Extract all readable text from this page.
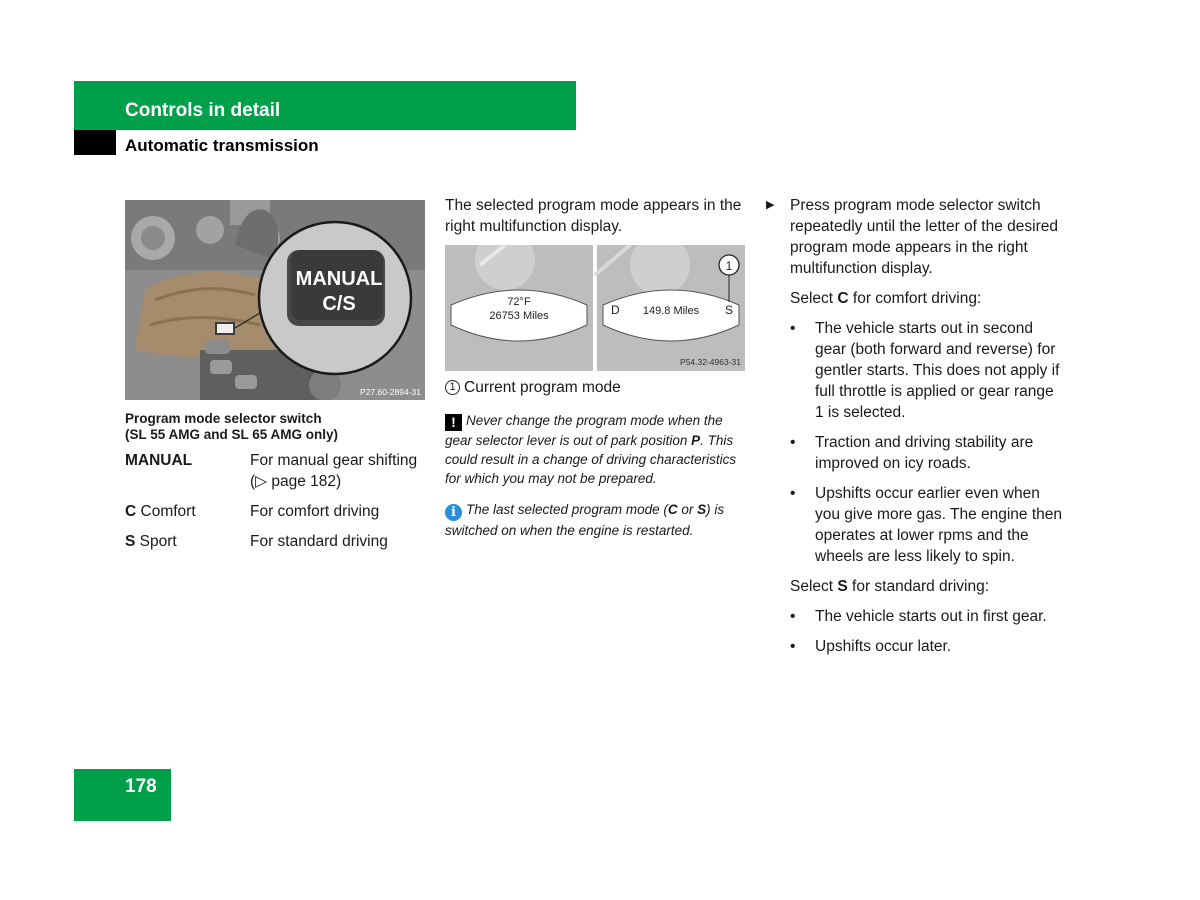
Controls in detail
Automatic transmission
MANUAL
C/S
P27.60-2894-31
Program mode selector switch
(SL 55 AMG and SL 65 AMG only)
MANUAL	For manual gear shifting
(▷ page 182)
C Comfort	For comfort driving
S Sport	For standard driving
The selected program mode appears in the right multifunction display.
72°F
26753 Miles	D 149.8 Miles S
1
P54.32-4963-31
1 Current program mode
! Never change the program mode when the gear selector lever is out of park position P. This could result in a change of driving characteristics for which you may not be prepared.
i The last selected program mode (C or S) is switched on when the engine is restarted.
▶	Press program mode selector switch repeatedly until the letter of the desired program mode appears in the right multifunction display.
Select C for comfort driving:
•	The vehicle starts out in second gear (both forward and reverse) for gentler starts. This does not apply if full throttle is applied or gear range 1 is selected.
•	Traction and driving stability are improved on icy roads.
•	Upshifts occur earlier even when you give more gas. The engine then operates at lower rpms and the wheels are less likely to spin.
Select S for standard driving:
•	The vehicle starts out in first gear.
•	Upshifts occur later.
178
